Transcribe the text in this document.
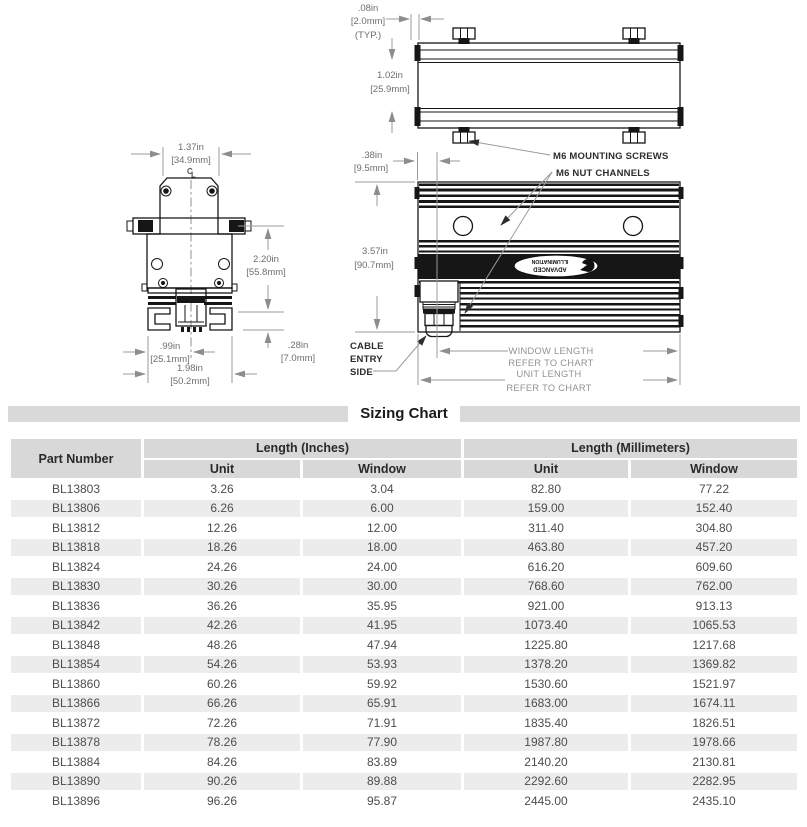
1.37in
[34.9mm]
C
L
2.20in
[55.8mm]
.28in
[7.0mm]
.99in
[25.1mm]
1.98in
[50.2mm]
.08in
[2.0mm]
(TYP.)
1.02in
[25.9mm]
M6 MOUNTING SCREWS
ADVANCED
ILLUMINATION
.38in
[9.5mm]
3.57in
[90.7mm]
M6 NUT CHANNELS
CABLE
ENTRY
SIDE
WINDOW LENGTH
REFER TO CHART
UNIT LENGTH
REFER TO CHART
Sizing Chart
Part Number	Length (Inches)		Length (Millimeters)	
	Unit	Window	Unit	Window
BL13803	3.26	3.04	82.80	77.22
BL13806	6.26	6.00	159.00	152.40
BL13812	12.26	12.00	311.40	304.80
BL13818	18.26	18.00	463.80	457.20
BL13824	24.26	24.00	616.20	609.60
BL13830	30.26	30.00	768.60	762.00
BL13836	36.26	35.95	921.00	913.13
BL13842	42.26	41.95	1073.40	1065.53
BL13848	48.26	47.94	1225.80	1217.68
BL13854	54.26	53.93	1378.20	1369.82
BL13860	60.26	59.92	1530.60	1521.97
BL13866	66.26	65.91	1683.00	1674.11
BL13872	72.26	71.91	1835.40	1826.51
BL13878	78.26	77.90	1987.80	1978.66
BL13884	84.26	83.89	2140.20	2130.81
BL13890	90.26	89.88	2292.60	2282.95
BL13896	96.26	95.87	2445.00	2435.10
